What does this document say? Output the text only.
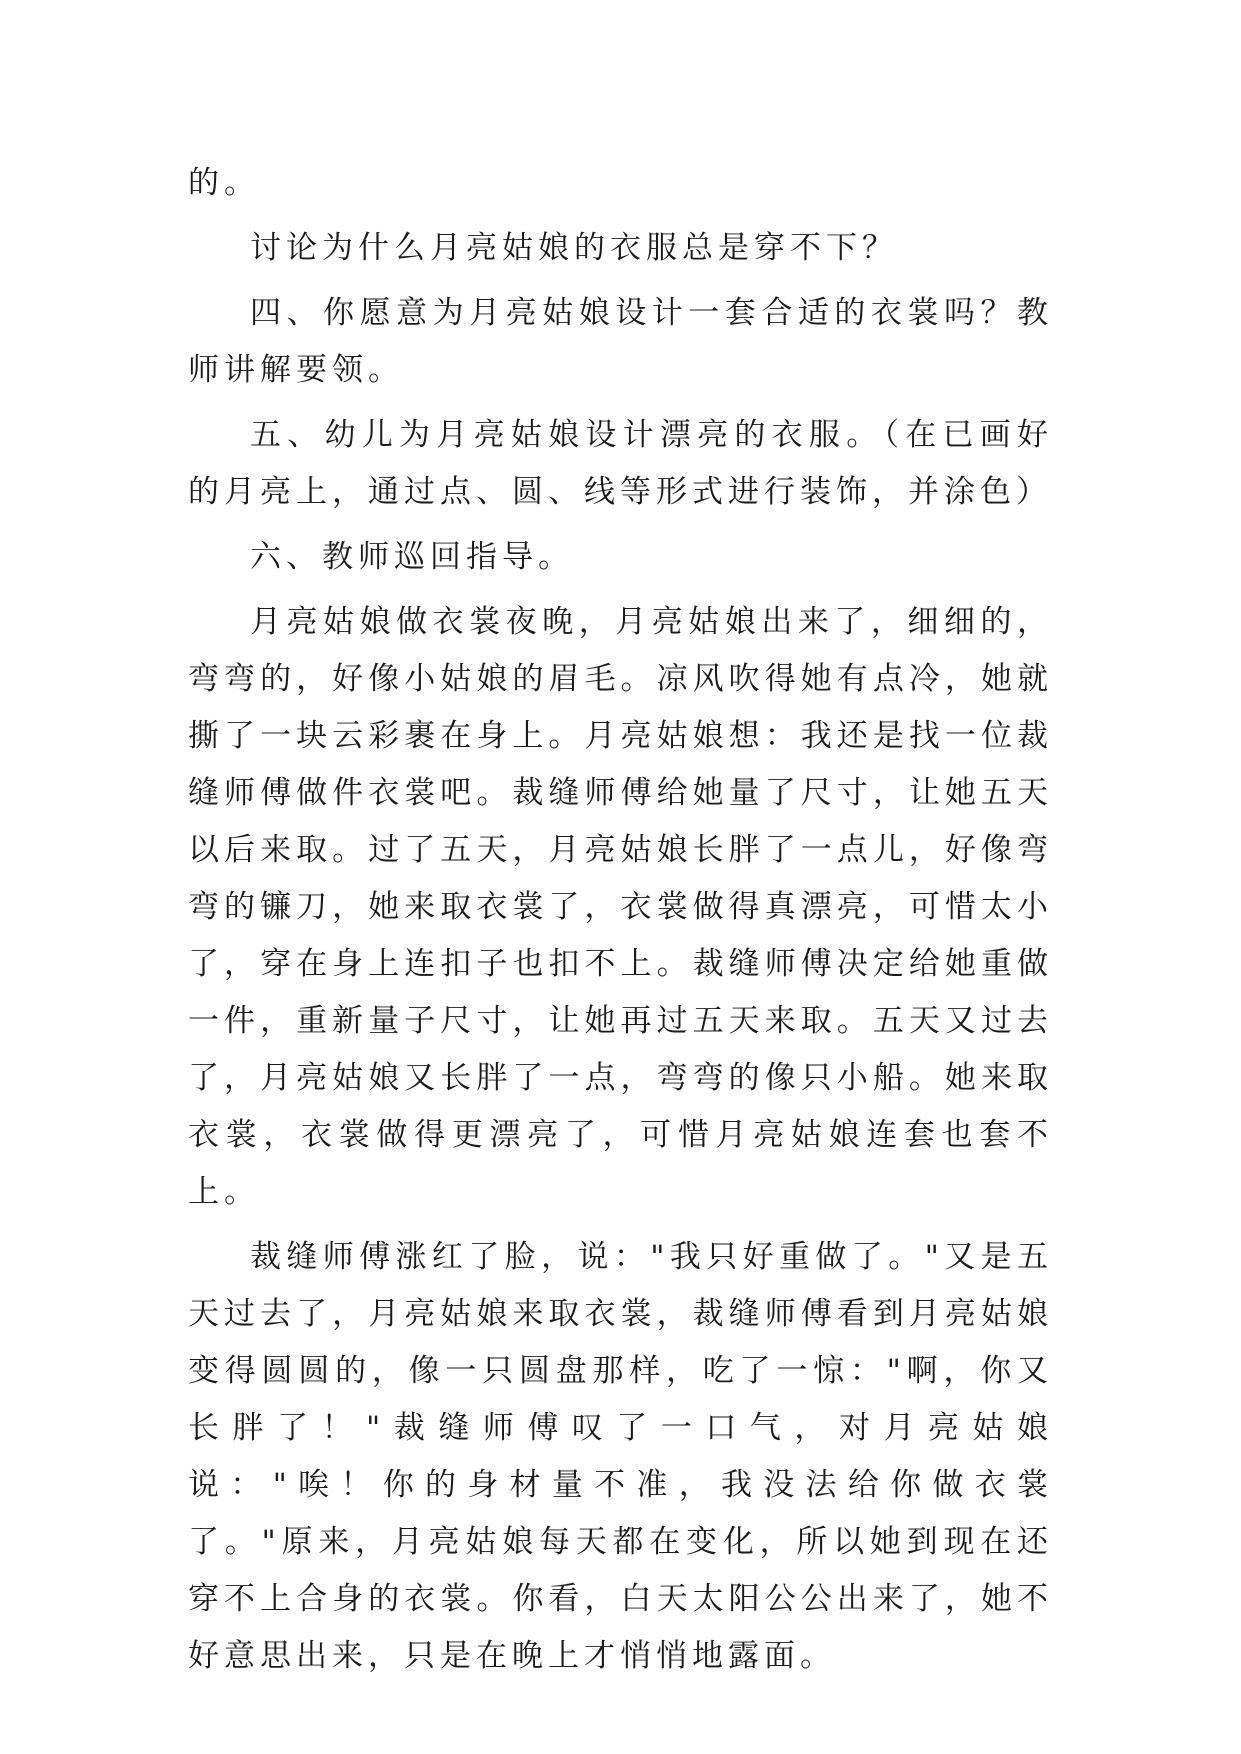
的。

讨论为什么月亮姑娘的衣服总是穿不下？

四、你愿意为月亮姑娘设计一套合适的衣裳吗？教师讲解要领。

五、幼儿为月亮姑娘设计漂亮的衣服。（在已画好的月亮上，通过点、圆、线等形式进行装饰，并涂色）

六、教师巡回指导。

月亮姑娘做衣裳夜晚，月亮姑娘出来了，细细的，弯弯的，好像小姑娘的眉毛。凉风吹得她有点冷，她就撕了一块云彩裹在身上。月亮姑娘想：我还是找一位裁缝师傅做件衣裳吧。裁缝师傅给她量了尺寸，让她五天以后来取。过了五天，月亮姑娘长胖了一点儿，好像弯弯的镰刀，她来取衣裳了，衣裳做得真漂亮，可惜太小了，穿在身上连扣子也扣不上。裁缝师傅决定给她重做一件，重新量子尺寸，让她再过五天来取。五天又过去了，月亮姑娘又长胖了一点，弯弯的像只小船。她来取衣裳，衣裳做得更漂亮了，可惜月亮姑娘连套也套不上。

裁缝师傅涨红了脸，说："我只好重做了。"又是五天过去了，月亮姑娘来取衣裳，裁缝师傅看到月亮姑娘变得圆圆的，像一只圆盘那样，吃了一惊："啊，你又长胖了！"裁缝师傅叹了一口气，对月亮姑娘说："唉！你的身材量不准，我没法给你做衣裳了。"原来，月亮姑娘每天都在变化，所以她到现在还穿不上合身的衣裳。你看，白天太阳公公出来了，她不好意思出来，只是在晚上才悄悄地露面。
